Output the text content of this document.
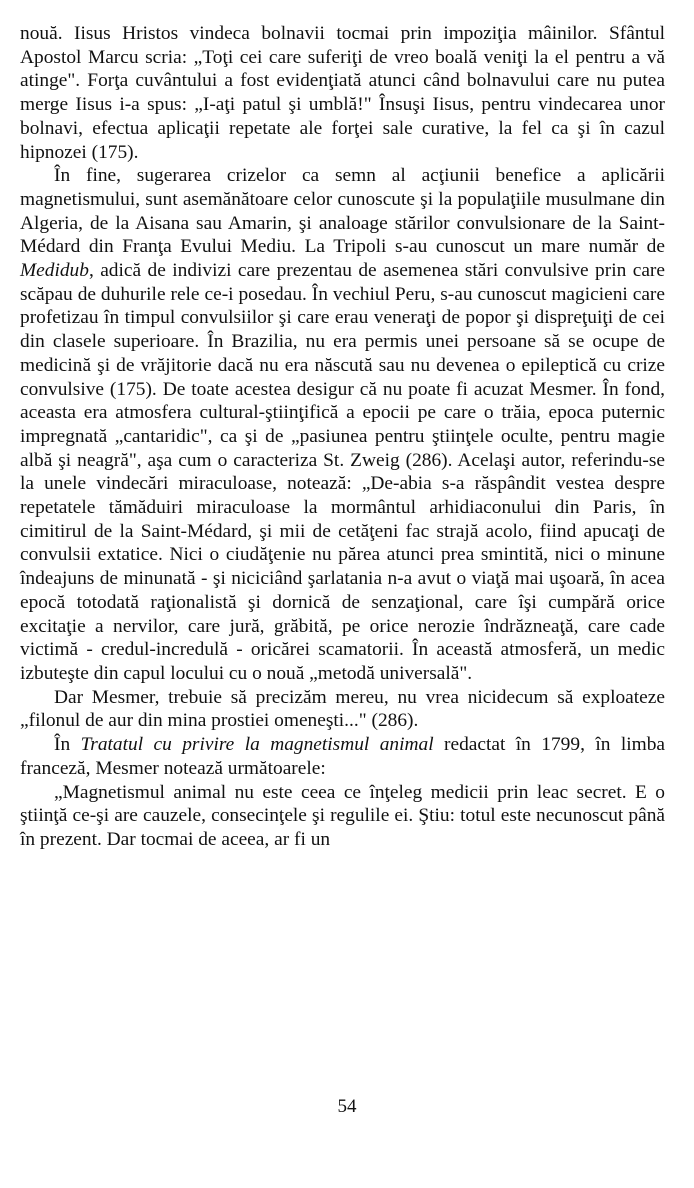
nouă. Iisus Hristos vindeca bolnavii tocmai prin impoziţia mâinilor. Sfântul Apostol Marcu scria: „Toţi cei care suferiţi de vreo boală veniţi la el pentru a vă atinge". Forţa cuvântului a fost evidenţiată atunci când bolnavului care nu putea merge Iisus i-a spus: „I-aţi patul şi umblă!" Însuşi Iisus, pentru vindecarea unor bolnavi, efectua aplicaţii repetate ale forţei sale curative, la fel ca şi în cazul hipnozei (175).

În fine, sugerarea crizelor ca semn al acţiunii benefice a aplicării magnetismului, sunt asemănătoare celor cunoscute şi la populaţiile musulmane din Algeria, de la Aisana sau Amarin, şi analoage stărilor convulsionare de la Saint-Médard din Franţa Evului Mediu. La Tripoli s-au cunoscut un mare număr de Medidub, adică de indivizi care prezentau de asemenea stări convulsive prin care scăpau de duhurile rele ce-i posedau. În vechiul Peru, s-au cunoscut magicieni care profetizau în timpul convulsiilor şi care erau veneraţi de popor şi dispreţuiţi de cei din clasele superioare. În Brazilia, nu era permis unei persoane să se ocupe de medicină şi de vrăjitorie dacă nu era născută sau nu devenea o epileptică cu crize convulsive (175). De toate acestea desigur că nu poate fi acuzat Mesmer. În fond, aceasta era atmosfera cultural-ştiinţifică a epocii pe care o trăia, epoca puternic impregnată „cantaridic", ca şi de „pasiunea pentru ştiinţele oculte, pentru magie albă şi neagră", aşa cum o caracteriza St. Zweig (286). Acelaşi autor, referindu-se la unele vindecări miraculoase, notează: „De-abia s-a răspândit vestea despre repetatele tămăduiri miraculoase la mormântul arhidiaconului din Paris, în cimitirul de la Saint-Médard, şi mii de cetăţeni fac strajă acolo, fiind apucaţi de convulsii extatice. Nici o ciudăţenie nu părea atunci prea smintită, nici o minune îndeajuns de minunată - şi niciciând şarlatania n-a avut o viaţă mai uşoară, în acea epocă totodată raţionalistă şi dornică de senzaţional, care îşi cumpără orice excitaţie a nervilor, care jură, grăbită, pe orice nerozie îndrăzneaţă, care cade victimă - credul-incredulă - oricărei scamatorii. În această atmosferă, un medic izbuteşte din capul locului cu o nouă „metodă universală".

Dar Mesmer, trebuie să precizăm mereu, nu vrea nicidecum să exploateze „filonul de aur din mina prostiei omeneşti..." (286).

În Tratatul cu privire la magnetismul animal redactat în 1799, în limba franceză, Mesmer notează următoarele:

„Magnetismul animal nu este ceea ce înţeleg medicii prin leac secret. E o ştiinţă ce-şi are cauzele, consecinţele şi regulile ei. Ştiu: totul este necunoscut până în prezent. Dar tocmai de aceea, ar fi un

54
